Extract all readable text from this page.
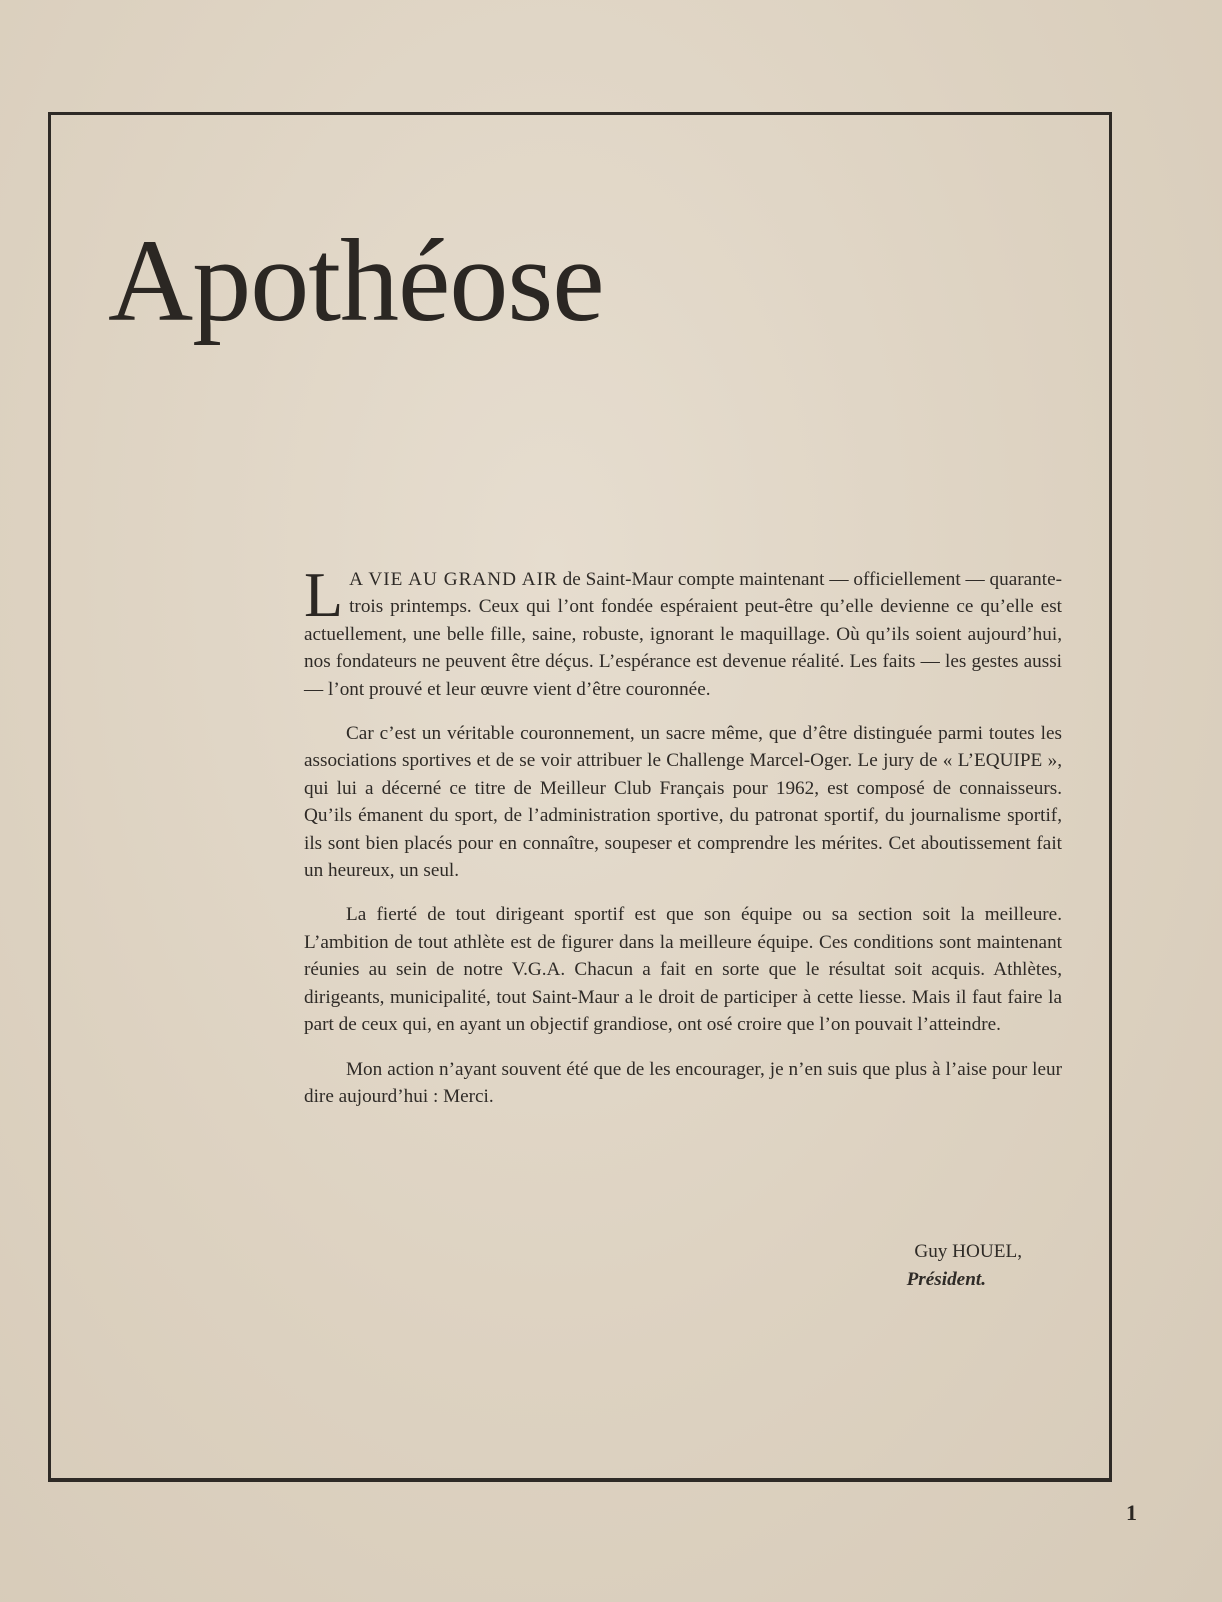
Apothéose

L A VIE AU GRAND AIR de Saint-Maur compte maintenant — officiellement — quarante-trois printemps. Ceux qui l’ont fondée espéraient peut-être qu’elle devienne ce qu’elle est actuellement, une belle fille, saine, robuste, ignorant le maquillage. Où qu’ils soient aujourd’hui, nos fondateurs ne peuvent être déçus. L’espérance est devenue réalité. Les faits — les gestes aussi — l’ont prouvé et leur œuvre vient d’être couronnée.

Car c’est un véritable couronnement, un sacre même, que d’être distinguée parmi toutes les associations sportives et de se voir attribuer le Challenge Marcel-Oger. Le jury de « L’EQUIPE », qui lui a décerné ce titre de Meilleur Club Français pour 1962, est composé de connaisseurs. Qu’ils émanent du sport, de l’administration sportive, du patronat sportif, du journalisme sportif, ils sont bien placés pour en connaître, soupeser et comprendre les mérites. Cet aboutissement fait un heureux, un seul.

La fierté de tout dirigeant sportif est que son équipe ou sa section soit la meilleure. L’ambition de tout athlète est de figurer dans la meilleure équipe. Ces conditions sont maintenant réunies au sein de notre V.G.A. Chacun a fait en sorte que le résultat soit acquis. Athlètes, dirigeants, municipalité, tout Saint-Maur a le droit de participer à cette liesse. Mais il faut faire la part de ceux qui, en ayant un objectif grandiose, ont osé croire que l’on pouvait l’atteindre.

Mon action n’ayant souvent été que de les encourager, je n’en suis que plus à l’aise pour leur dire aujourd’hui : Merci.

Guy HOUEL,
Président.
1
